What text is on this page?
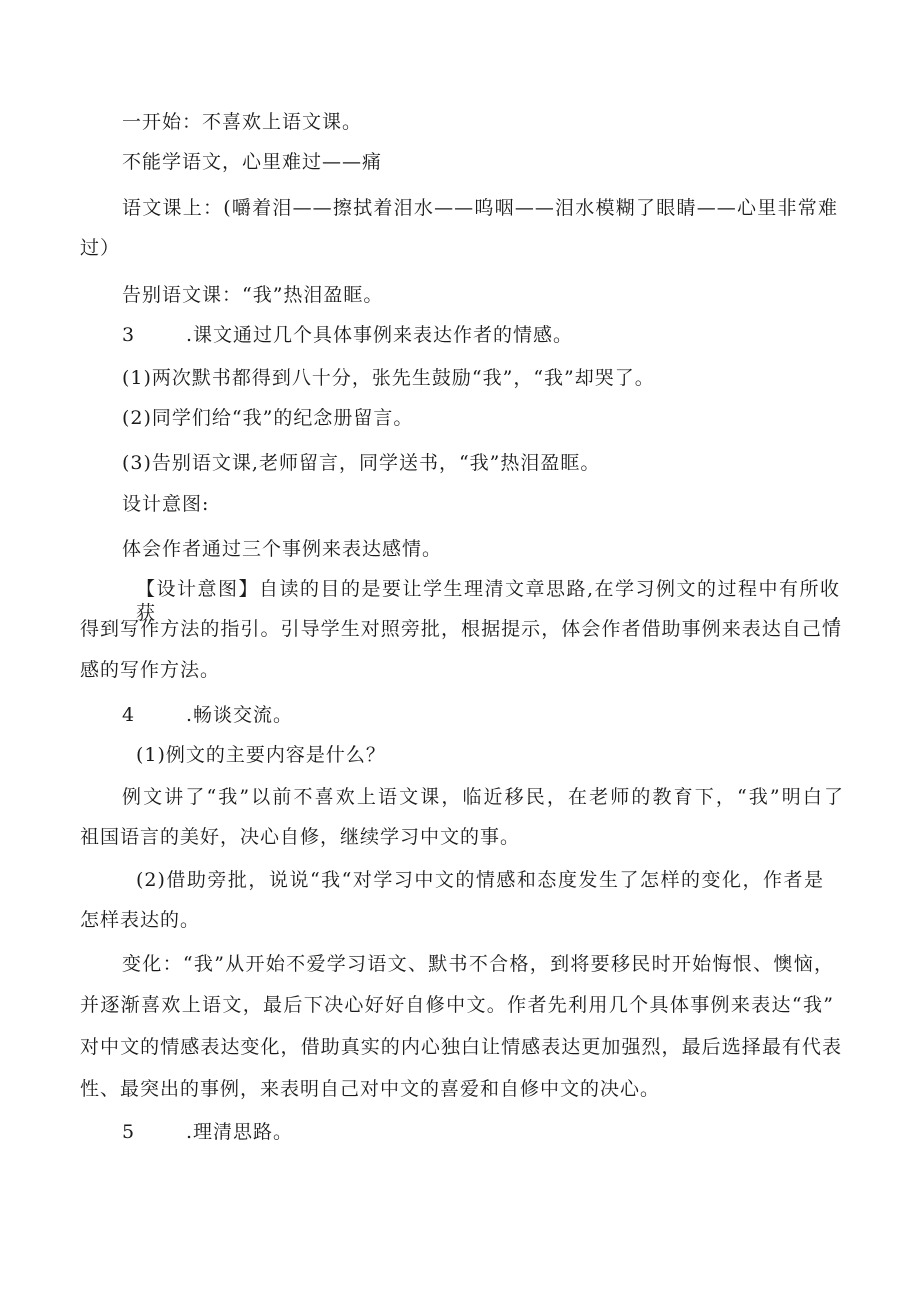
一开始：不喜欢上语文课。
不能学语文，心里难过——痛
语文课上：(嚼着泪——擦拭着泪水——呜咽——泪水模糊了眼睛——心里非常难
过）
告别语文课：“我”热泪盈眶。
3	.课文通过几个具体事例来表达作者的情感。
(1)两次默书都得到八十分，张先生鼓励“我”，“我”却哭了。
(2)同学们给“我”的纪念册留言。
(3)告别语文课,老师留言，同学送书，“我”热泪盈眶。
设计意图:
体会作者通过三个事例来表达感情。
【设计意图】自读的目的是要让学生理清文章思路,在学习例文的过程中有所收获,
得到写作方法的指引。引导学生对照旁批，根据提示，体会作者借助事例来表达自己情
感的写作方法。
4	.畅谈交流。
(1)例文的主要内容是什么？
例文讲了“我”以前不喜欢上语文课，临近移民，在老师的教育下，“我”明白了
祖国语言的美好，决心自修，继续学习中文的事。
(2)借助旁批，说说“我“对学习中文的情感和态度发生了怎样的变化，作者是
怎样表达的。
变化：“我”从开始不爱学习语文、默书不合格，到将要移民时开始悔恨、懊恼，
并逐渐喜欢上语文，最后下决心好好自修中文。作者先利用几个具体事例来表达“我”
对中文的情感表达变化，借助真实的内心独白让情感表达更加强烈，最后选择最有代表
性、最突出的事例，来表明自己对中文的喜爱和自修中文的决心。
5	.理清思路。
